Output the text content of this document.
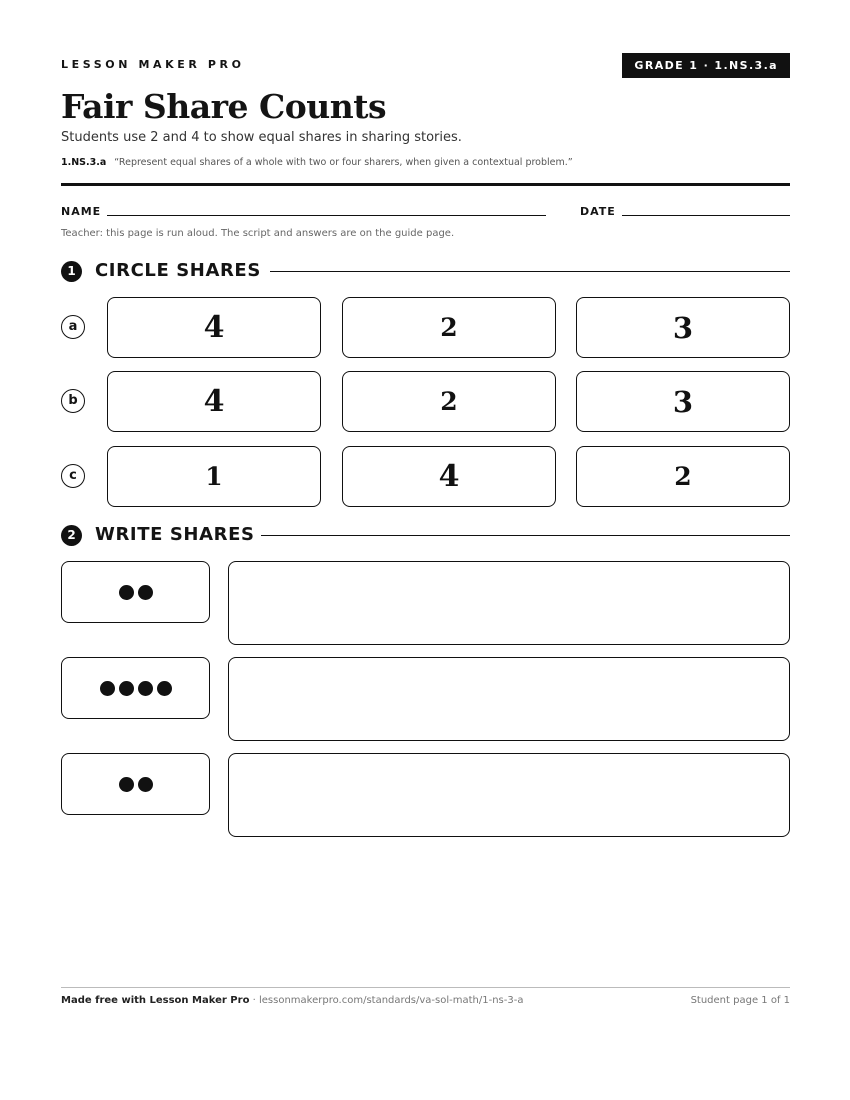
LESSON MAKER PRO	GRADE 1 · 1.NS.3.a
Fair Share Counts
Students use 2 and 4 to show equal shares in sharing stories.
1.NS.3.a “Represent equal shares of a whole with two or four sharers, when given a contextual problem.”
NAME	DATE
Teacher: this page is run aloud. The script and answers are on the guide page.
1	CIRCLE SHARES
a	4	2	3
b	4	2	3
c	1	4	2
2	WRITE SHARES
Made free with Lesson Maker Pro · lessonmakerpro.com/standards/va-sol-math/1-ns-3-a	Student page 1 of 1
